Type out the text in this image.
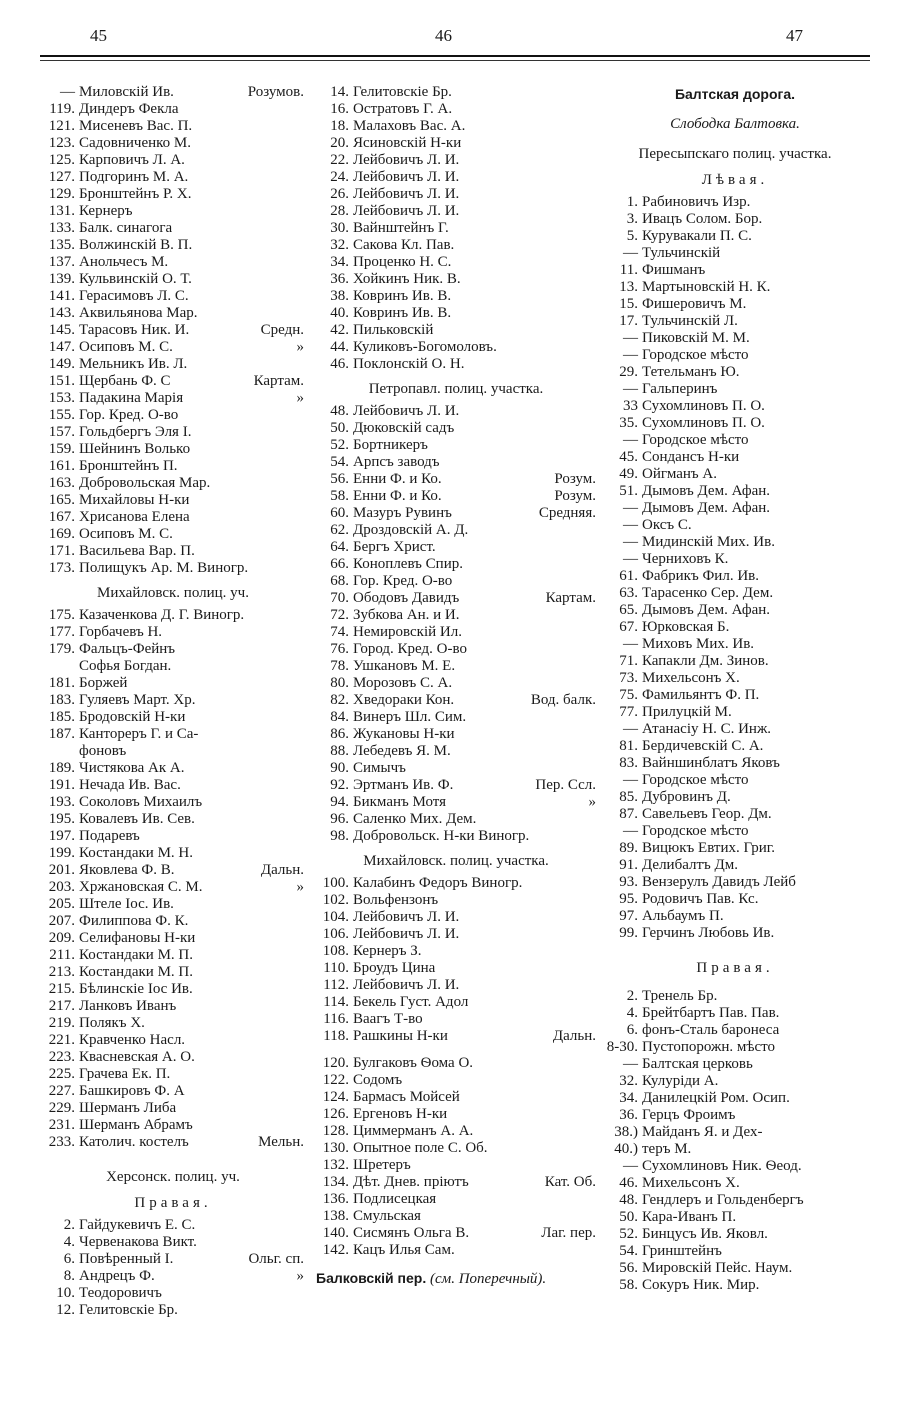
45	46	47
— Миловскiй Ив.	Розумов.
119. Диндеръ Фекла
121. Мисеневъ Вас. П.
123. Садовниченко М.
125. Карповичъ Л. А.
127. Подгоринъ М. А.
129. Бронштейнъ Р. Х.
131. Кернеръ
133. Балк. синагога
135. Волжинскiй В. П.
137. Анольчесъ М.
139. Кульвинскiй О. Т.
141. Герасимовъ Л. С.
143. Аквильянова Мар.
145. Тарасовъ Ник. И.	Средн.
147. Осиповъ М. С.	»
149. Мельникъ Ив. Л.
151. Щербань Ф. С	Картам.
153. Падакина Марiя	»
155. Гор. Кред. О-во
157. Гольдбергъ Эля I.
159. Шейнинъ Волько
161. Бронштейнъ П.
163. Добровольская Мар.
165. Михайловы Н-ки
167. Хрисанова Елена
169. Осиповъ М. С.
171. Васильева Вар. П.
173. Полищукъ Ар. М. Виногр.
Михайловск. полиц. уч.
175. Казаченкова Д. Г. Виногр.
177. Горбачевъ Н.
179. Фальцъ-Фейнъ
Софья Богдан.
181. Боржей
183. Гуляевъ Март. Хр.
185. Бродовскiй Н-ки
187. Кантореръ Г. и Са-
фоновъ
189. Чистякова Ак А.
191. Нечада Ив. Вас.
193. Соколовъ Михаилъ
195. Ковалевъ Ив. Сев.
197. Подаревъ
199. Костандаки М. Н.
201. Яковлева Ф. В.	Дальн.
203. Хржановская С. М.	»
205. Штеле Iос. Ив.
207. Филиппова Ф. К.
209. Селифановы Н-ки
211. Костандаки М. П.
213. Костандаки М. П.
215. Бѣлинскiе Iос Ив.
217. Ланковъ Иванъ
219. Полякъ Х.
221. Кравченко Насл.
223. Квасневская А. О.
225. Грачева Ек. П.
227. Башкировъ Ф. А
229. Шерманъ Либа
231. Шерманъ Абрамъ
233. Католич. костелъ	Мельн.
Херсонск. полиц. уч.
Правая.
2. Гайдукевичъ Е. С.
4. Червенакова Викт.
6. Повѣренный I.	Ольг. сп.
8. Андрецъ Ф.	»
10. Теодоровичъ
12. Гелитовскiе Бр.
14. Гелитовскiе Бр.
16. Остратовъ Г. А.
18. Малаховъ Вас. А.
20. Ясиновскiй Н-ки
22. Лейбовичъ Л. И.
24. Лейбовичъ Л. И.
26. Лейбовичъ Л. И.
28. Лейбовичъ Л. И.
30. Вайнштейнъ Г.
32. Сакова Кл. Пав.
34. Проценко Н. С.
36. Хойкинъ Ник. В.
38. Ковринъ Ив. В.
40. Ковринъ Ив. В.
42. Пильковскiй
44. Куликовъ-Богомоловъ.
46. Поклонскiй О. Н.
Петропавл. полиц. участка.
48. Лейбовичъ Л. И.
50. Дюковскiй садъ
52. Бортникеръ
54. Арпсъ заводъ
56. Енни Ф. и Ко.	Розум.
58. Енни Ф. и Ко.	Розум.
60. Мазуръ Рувинъ	Средняя.
62. Дроздовскiй А. Д.
64. Бергъ Христ.
66. Коноплевъ Спир.
68. Гор. Кред. О-во
70. Ободовъ Давидъ	Картам.
72. Зубкова Ан. и И.
74. Немировскiй Ил.
76. Город. Кред. О-во
78. Ушкановъ М. Е.
80. Морозовъ С. А.
82. Хведораки Кон.	Вод. балк.
84. Винеръ Шл. Сим.
86. Жукановы Н-ки
88. Лебедевъ Я. М.
90. Симычъ
92. Эртманъ Ив. Ф.	Пер. Ссл.
94. Бикманъ Мотя	»
96. Саленко Мих. Дем.
98. Добровольск. Н-ки Виногр.
Михайловск. полиц. участка.
100. Калабинъ Федоръ Виногр.
102. Вольфензонъ
104. Лейбовичъ Л. И.
106. Лейбовичъ Л. И.
108. Кернеръ З.
110. Броудъ Цина
112. Лейбовичъ Л. И.
114. Бекель Густ. Адол
116. Ваагъ Т-во
118. Рашкины Н-ки	Дальн.
120. Булгаковъ Ѳома О.
122. Содомъ
124. Бармасъ Мойсей
126. Ергеновъ Н-ки
128. Циммерманъ А. А.
130. Опытное поле С. Об.
132. Шретеръ
134. Дѣт. Днев. прiютъ	Кат. Об.
136. Подлисецкая
138. Смульская
140. Сисмянъ Ольга В.	Лаг. пер.
142. Кацъ Илья Сам.
Балковскiй пер. (см. Поперечный).
Балтская дорога.
Слободка Балтовка.
Пересыпскаго полиц. участка.
Лѣвая.
1. Рабиновичъ Изр.
3. Ивацъ Солом. Бор.
5. Курувакали П. С.
— Тульчинскiй
11. Фишманъ
13. Мартыновскiй Н. К.
15. Фишеровичъ М.
17. Тульчинскiй Л.
— Пиковскiй М. М.
— Городское мѣсто
29. Тетельманъ Ю.
— Гальперинъ
33 Сухомлиновъ П. О.
35. Сухомлиновъ П. О.
— Городское мѣсто
45. Сондансъ Н-ки
49. Ойгманъ А.
51. Дымовъ Дем. Афан.
— Дымовъ Дем. Афан.
— Оксъ С.
— Мидинскiй Мих. Ив.
— Черниховъ К.
61. Фабрикъ Фил. Ив.
63. Тарасенко Сер. Дем.
65. Дымовъ Дем. Афан.
67. Юрковская Б.
— Миховъ Мих. Ив.
71. Капакли Дм. Зинов.
73. Михельсонъ Х.
75. Фамильянтъ Ф. П.
77. Прилуцкiй М.
— Атанасiу Н. С. Инж.
81. Бердичевскiй С. А.
83. Вайншинблатъ Яковъ
— Городское мѣсто
85. Дубровинъ Д.
87. Савельевъ Геор. Дм.
— Городское мѣсто
89. Вицюкъ Евтих. Григ.
91. Делибалтъ Дм.
93. Вензерулъ Давидъ Лейб
95. Родовичъ Пав. Кс.
97. Альбаумъ П.
99. Герчинъ Любовь Ив.
Правая.
2. Тренель Бр.
4. Брейтбартъ Пав. Пав.
6. фонъ-Сталь баронеса
8-30. Пустопорожн. мѣсто
— Балтская церковь
32. Кулурiди А.
34. Данилецкiй Ром. Осип.
36. Герцъ Фроимъ
38.) Майданъ Я. и Дех-
40.) теръ М.
— Сухомлиновъ Ник. Ѳеод.
46. Михельсонъ Х.
48. Гендлеръ и Гольденбергъ
50. Кара-Иванъ П.
52. Бинцусъ Ив. Яковл.
54. Гринштейнъ
56. Мировскiй Пейс. Наум.
58. Сокуръ Ник. Мир.
